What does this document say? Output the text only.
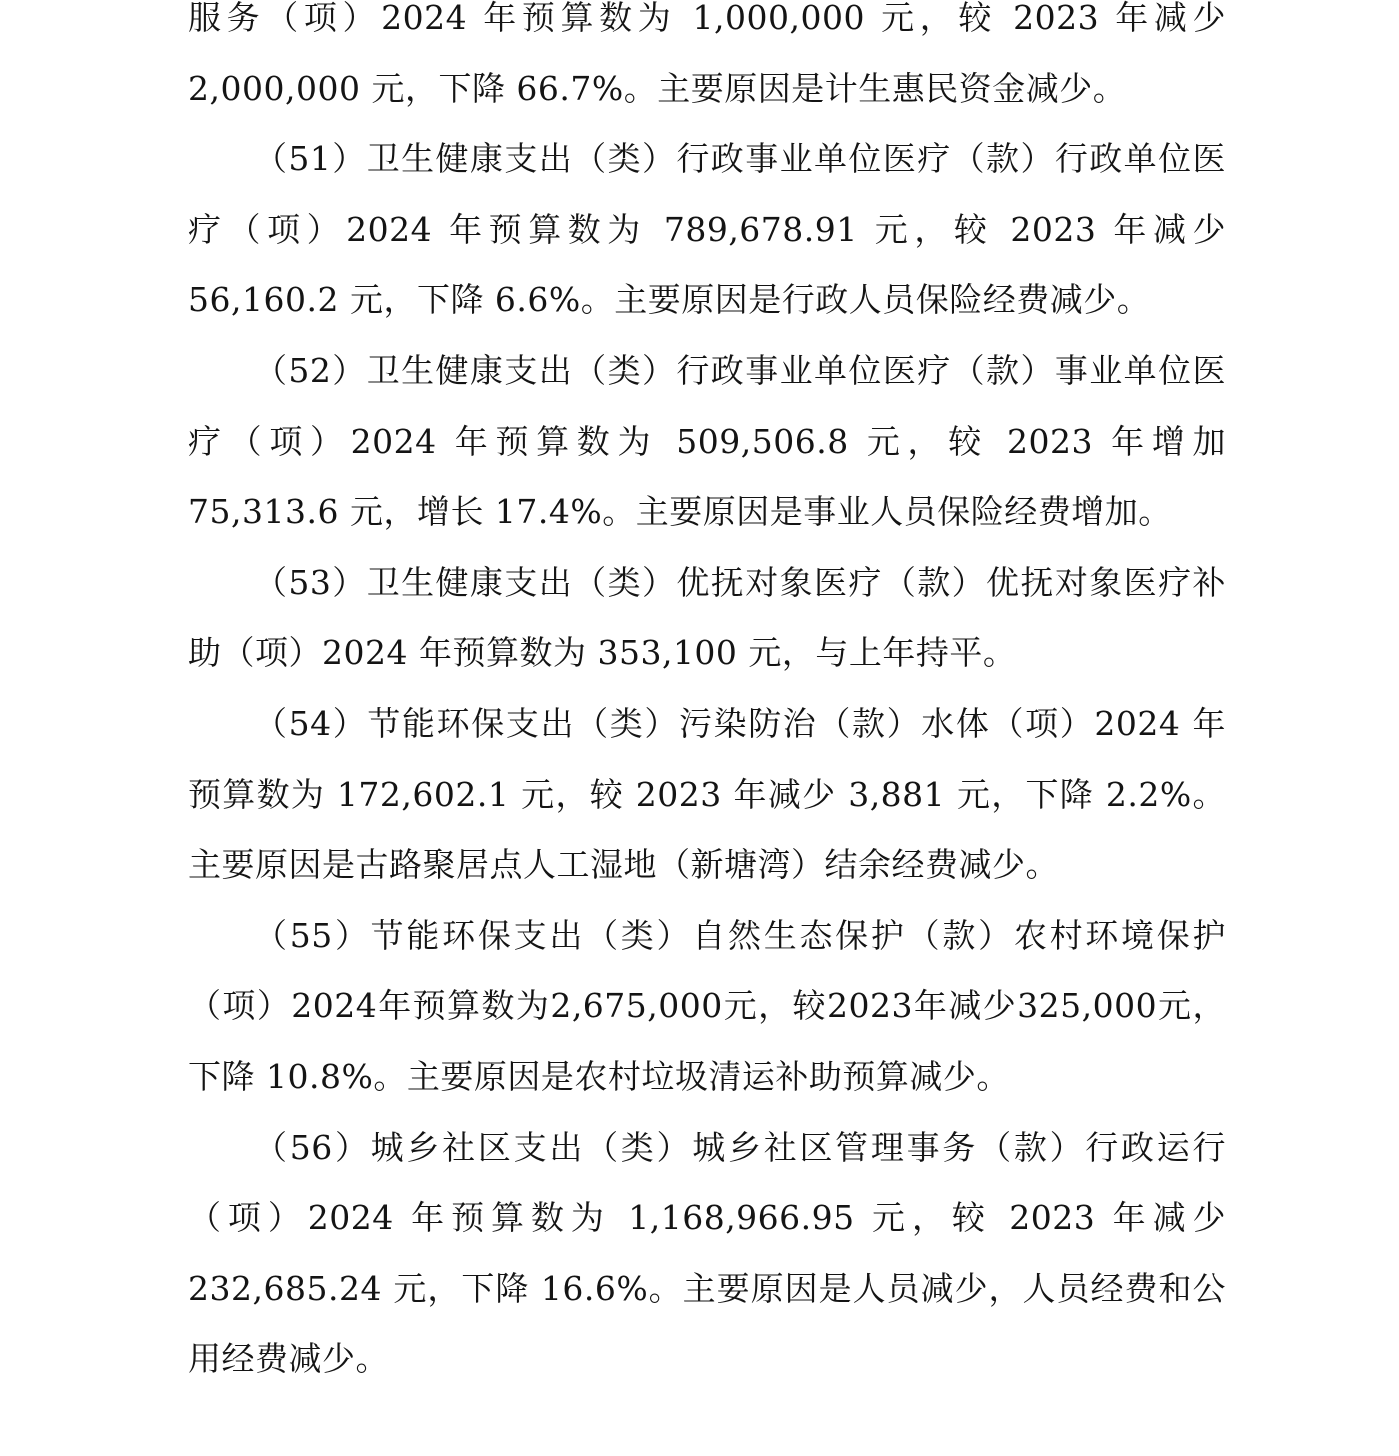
服务（项）2024 年预算数为 1,000,000 元，较 2023 年减少 2,000,000 元，下降 66.7%。主要原因是计生惠民资金减少。

（51）卫生健康支出（类）行政事业单位医疗（款）行政单位医疗（项）2024 年预算数为 789,678.91 元，较 2023 年减少 56,160.2 元，下降 6.6%。主要原因是行政人员保险经费减少。

（52）卫生健康支出（类）行政事业单位医疗（款）事业单位医疗（项）2024 年预算数为 509,506.8 元，较 2023 年增加 75,313.6 元，增长 17.4%。主要原因是事业人员保险经费增加。

（53）卫生健康支出（类）优抚对象医疗（款）优抚对象医疗补助（项）2024 年预算数为 353,100 元，与上年持平。

（54）节能环保支出（类）污染防治（款）水体（项）2024 年预算数为 172,602.1 元，较 2023 年减少 3,881 元，下降 2.2%。主要原因是古路聚居点人工湿地（新塘湾）结余经费减少。

（55）节能环保支出（类）自然生态保护（款）农村环境保护（项）2024年预算数为2,675,000元，较2023年减少325,000元，下降 10.8%。主要原因是农村垃圾清运补助预算减少。

（56）城乡社区支出（类）城乡社区管理事务（款）行政运行（项）2024 年预算数为 1,168,966.95 元，较 2023 年减少 232,685.24 元，下降 16.6%。主要原因是人员减少，人员经费和公用经费减少。
